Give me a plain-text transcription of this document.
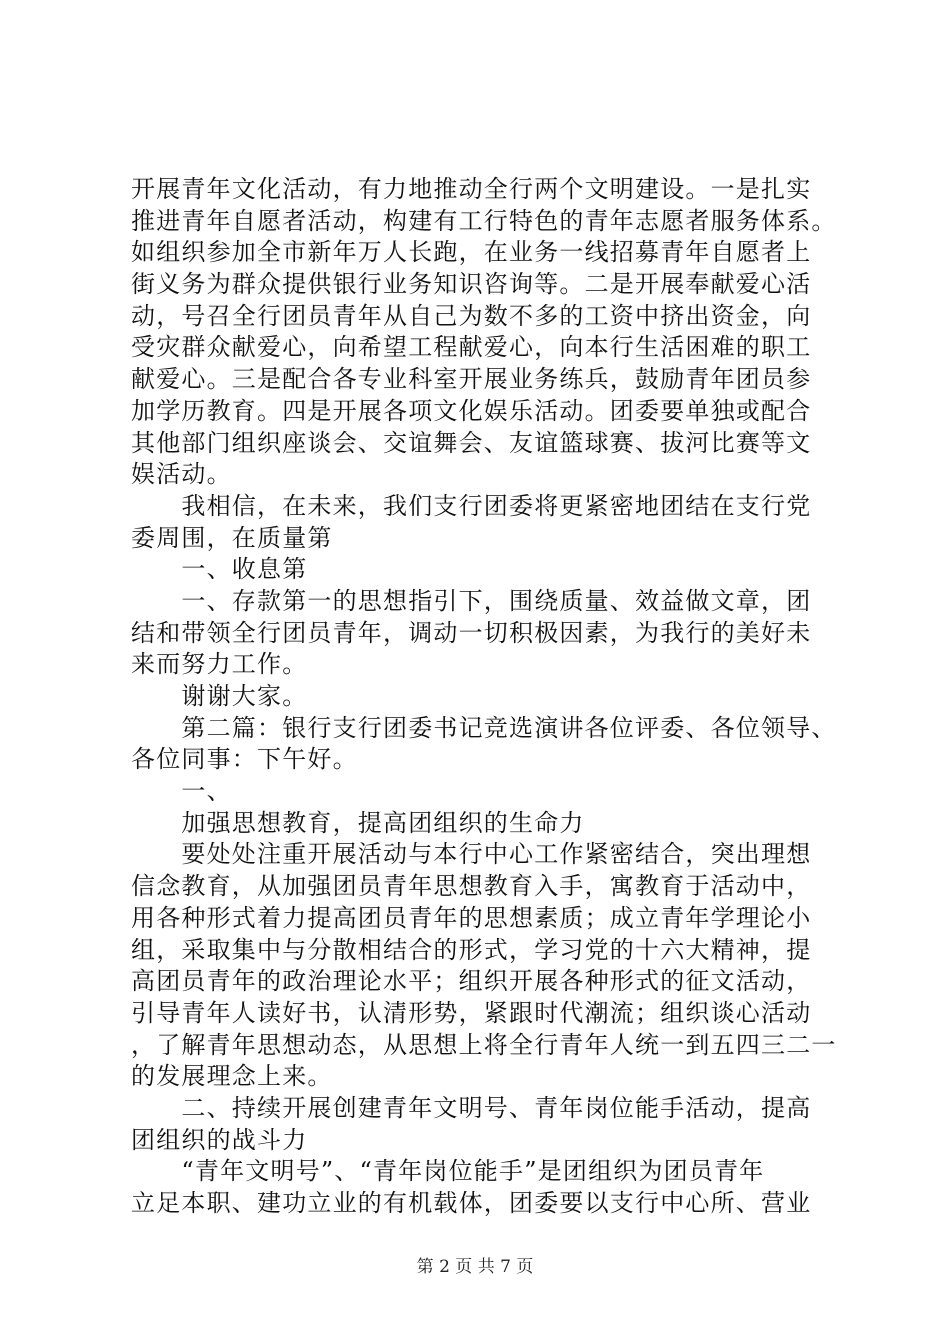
开展青年文化活动，有力地推动全行两个文明建设。一是扎实
推进青年自愿者活动，构建有工行特色的青年志愿者服务体系。
如组织参加全市新年万人长跑，在业务一线招募青年自愿者上
街义务为群众提供银行业务知识咨询等。二是开展奉献爱心活
动，号召全行团员青年从自己为数不多的工资中挤出资金，向
受灾群众献爱心，向希望工程献爱心，向本行生活困难的职工
献爱心。三是配合各专业科室开展业务练兵，鼓励青年团员参
加学历教育。四是开展各项文化娱乐活动。团委要单独或配合
其他部门组织座谈会、交谊舞会、友谊篮球赛、拔河比赛等文
娱活动。
　　我相信，在未来，我们支行团委将更紧密地团结在支行党
委周围，在质量第
　　一、收息第
　　一、存款第一的思想指引下，围绕质量、效益做文章，团
结和带领全行团员青年，调动一切积极因素，为我行的美好未
来而努力工作。
　　谢谢大家。
　　第二篇：银行支行团委书记竞选演讲各位评委、各位领导、
各位同事：下午好。
　　一、
　　加强思想教育，提高团组织的生命力
　　要处处注重开展活动与本行中心工作紧密结合，突出理想
信念教育，从加强团员青年思想教育入手，寓教育于活动中，
用各种形式着力提高团员青年的思想素质；成立青年学理论小
组，采取集中与分散相结合的形式，学习党的十六大精神，提
高团员青年的政治理论水平；组织开展各种形式的征文活动，
引导青年人读好书，认清形势，紧跟时代潮流；组织谈心活动
，了解青年思想动态，从思想上将全行青年人统一到五四三二一
的发展理念上来。
　　二、持续开展创建青年文明号、青年岗位能手活动，提高
团组织的战斗力
　　“青年文明号”、“青年岗位能手”是团组织为团员青年
立足本职、建功立业的有机载体，团委要以支行中心所、营业
第 2 页 共 7 页
